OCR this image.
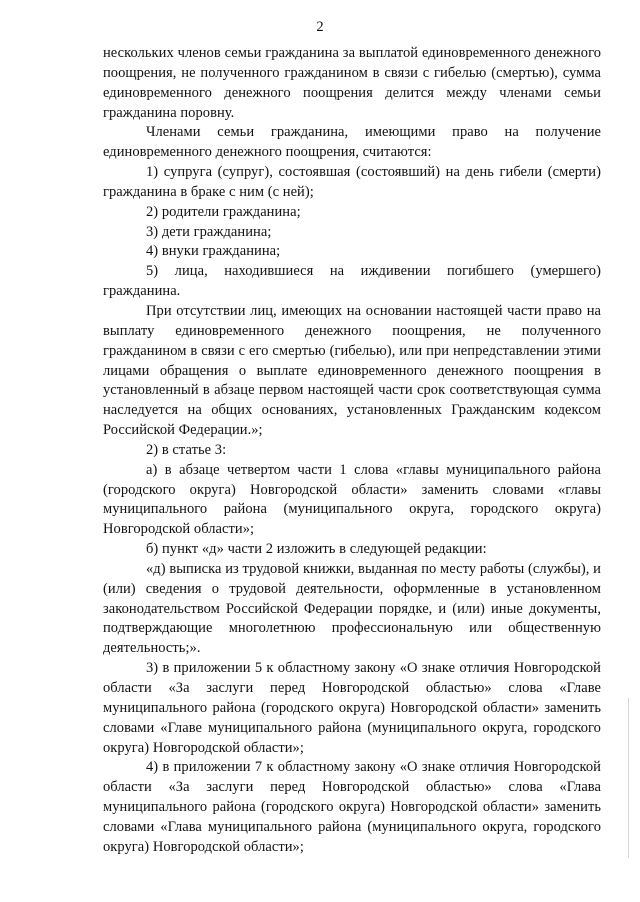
2

нескольких членов семьи гражданина за выплатой единовременного денежного поощрения, не полученного гражданином в связи с гибелью (смертью), сумма единовременного денежного поощрения делится между членами семьи гражданина поровну.

Членами семьи гражданина, имеющими право на получение единовременного денежного поощрения, считаются:

1) супруга (супруг), состоявшая (состоявший) на день гибели (смерти) гражданина в браке с ним (с ней);

2) родители гражданина;

3) дети гражданина;

4) внуки гражданина;

5) лица, находившиеся на иждивении погибшего (умершего) гражданина.

При отсутствии лиц, имеющих на основании настоящей части право на выплату единовременного денежного поощрения, не полученного гражданином в связи с его смертью (гибелью), или при непредставлении этими лицами обращения о выплате единовременного денежного поощрения в установленный в абзаце первом настоящей части срок соответствующая сумма наследуется на общих основаниях, установленных Гражданским кодексом Российской Федерации.»;

2) в статье 3:

а) в абзаце четвертом части 1 слова «главы муниципального района (городского округа) Новгородской области» заменить словами «главы муниципального района (муниципального округа, городского округа) Новгородской области»;

б) пункт «д» части 2 изложить в следующей редакции:

«д) выписка из трудовой книжки, выданная по месту работы (службы), и (или) сведения о трудовой деятельности, оформленные в установленном законодательством Российской Федерации порядке, и (или) иные документы, подтверждающие многолетнюю профессиональную или общественную деятельность;».

3) в приложении 5 к областному закону «О знаке отличия Новгородской области «За заслуги перед Новгородской областью» слова «Главе муниципального района (городского округа) Новгородской области» заменить словами «Главе муниципального района (муниципального округа, городского округа) Новгородской области»;

4) в приложении 7 к областному закону «О знаке отличия Новгородской области «За заслуги перед Новгородской областью» слова «Глава муниципального района (городского округа) Новгородской области» заменить словами «Глава муниципального района (муниципального округа, городского округа) Новгородской области»;
